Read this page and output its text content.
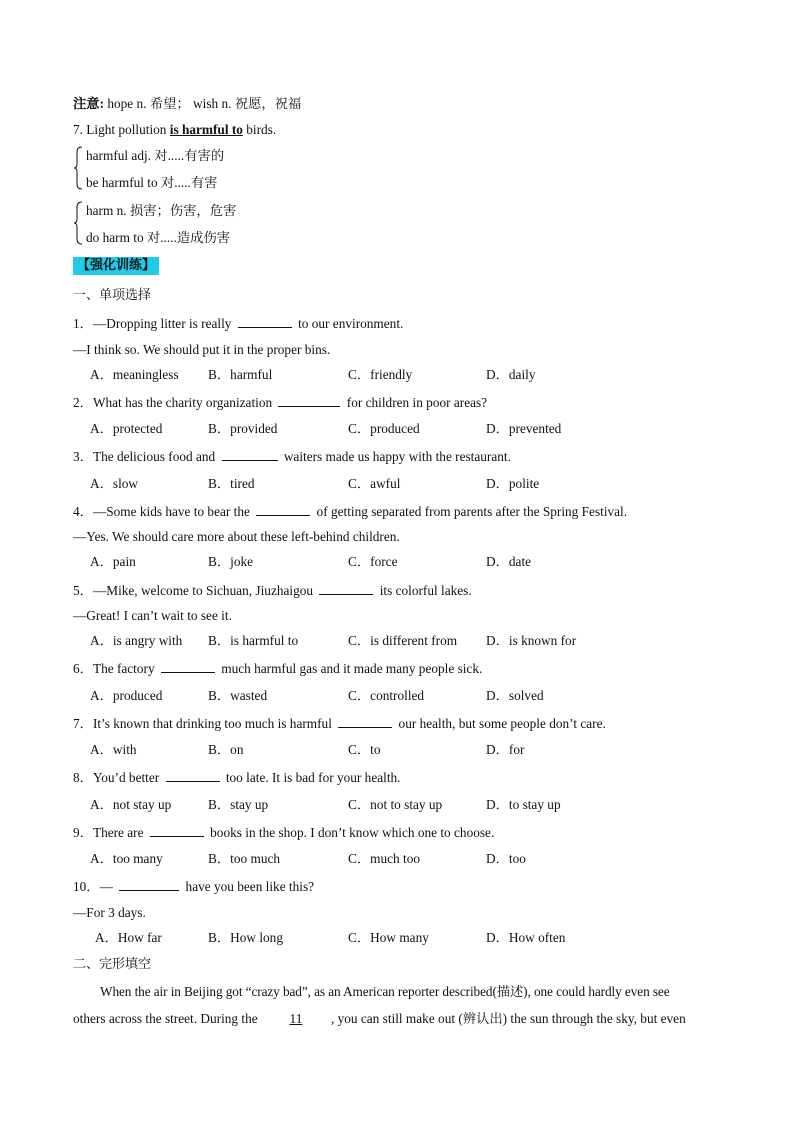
注意: hope n. 希望； wish n. 祝愿，祝福
7. Light pollution is harmful to birds.
harmful adj. 对.....有害的
be harmful to 对.....有害
harm n. 损害；伤害，危害
do harm to 对.....造成伤害
【强化训练】
一、单项选择
1．—Dropping litter is really	to our environment.
—I think so. We should put it in the proper bins.
A．meaningless B．harmful	C．friendly	D．daily
2．What has the charity organization	for children in poor areas?
A．protected	B．provided	C．produced	D．prevented
3．The delicious food and	waiters made us happy with the restaurant.
A．slow	B．tired	C．awful	D．polite
4．—Some kids have to bear the	of getting separated from parents after the Spring Festival.
—Yes. We should care more about these left-behind children.
A．pain	B．joke	C．force	D．date
5．—Mike, welcome to Sichuan, Jiuzhaigou	its colorful lakes.
—Great! I can’t wait to see it.
A．is angry with B．is harmful to	C．is different from D．is known for
6．The factory	much harmful gas and it made many people sick.
A．produced	B．wasted	C．controlled	D．solved
7．It’s known that drinking too much is harmful	our health, but some people don’t care.
A．with	B．on	C．to	D．for
8．You’d better	too late. It is bad for your health.
A．not stay up	B．stay up	C．not to stay up	D．to stay up
9．There are	books in the shop. I don’t know which one to choose.
A．too many	B．too much	C．much too	D．too
10．—	have you been like this?
—For 3 days.
A．How far	B．How long	C．How many	D．How often
二、完形填空
When the air in Beijing got “crazy bad”, as an American reporter described(描述), one could hardly even see
others across the street. During the 11 , you can still make out (辨认出) the sun through the sky, but even
